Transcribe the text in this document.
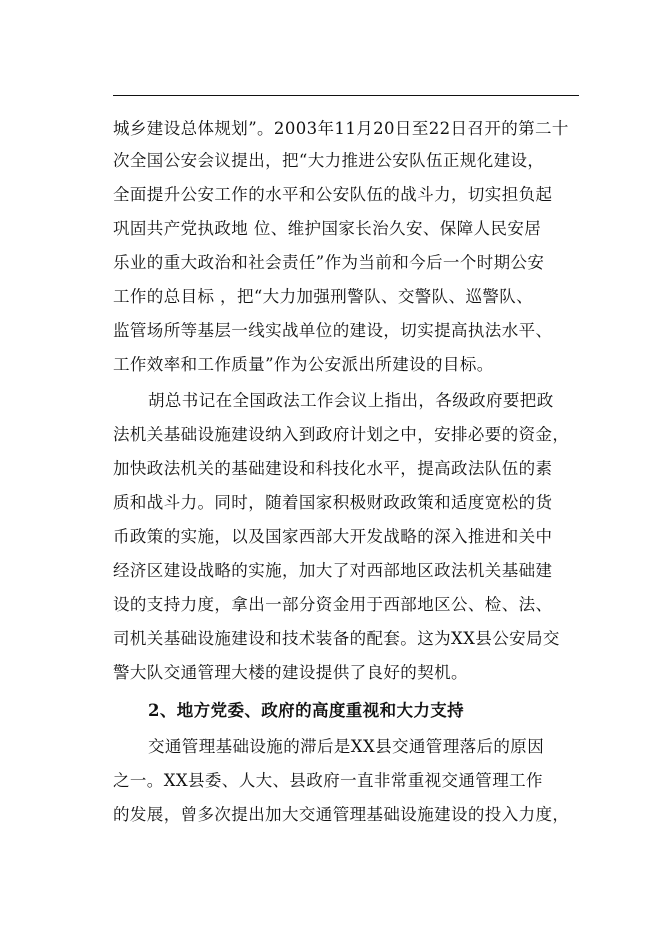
城乡建设总体规划”。2003年11月20日至22日召开的第二十
次全国公安会议提出，把“大力推进公安队伍正规化建设，
全面提升公安工作的水平和公安队伍的战斗力，切实担负起
巩固共产党执政地 位、维护国家长治久安、保障人民安居
乐业的重大政治和社会责任”作为当前和今后一个时期公安
工作的总目标 ，把“大力加强刑警队、交警队、巡警队、
监管场所等基层一线实战单位的建设，切实提高执法水平、
工作效率和工作质量”作为公安派出所建设的目标。
胡总书记在全国政法工作会议上指出，各级政府要把政
法机关基础设施建设纳入到政府计划之中，安排必要的资金，
加快政法机关的基础建设和科技化水平，提高政法队伍的素
质和战斗力。同时，随着国家积极财政政策和适度宽松的货
币政策的实施，以及国家西部大开发战略的深入推进和关中
经济区建设战略的实施，加大了对西部地区政法机关基础建
设的支持力度，拿出一部分资金用于西部地区公、检、法、
司机关基础设施建设和技术装备的配套。这为XX县公安局交
警大队交通管理大楼的建设提供了良好的契机。
2、地方党委、政府的高度重视和大力支持
交通管理基础设施的滞后是XX县交通管理落后的原因
之一。XX县委、人大、县政府一直非常重视交通管理工作
的发展，曾多次提出加大交通管理基础设施建设的投入力度，
